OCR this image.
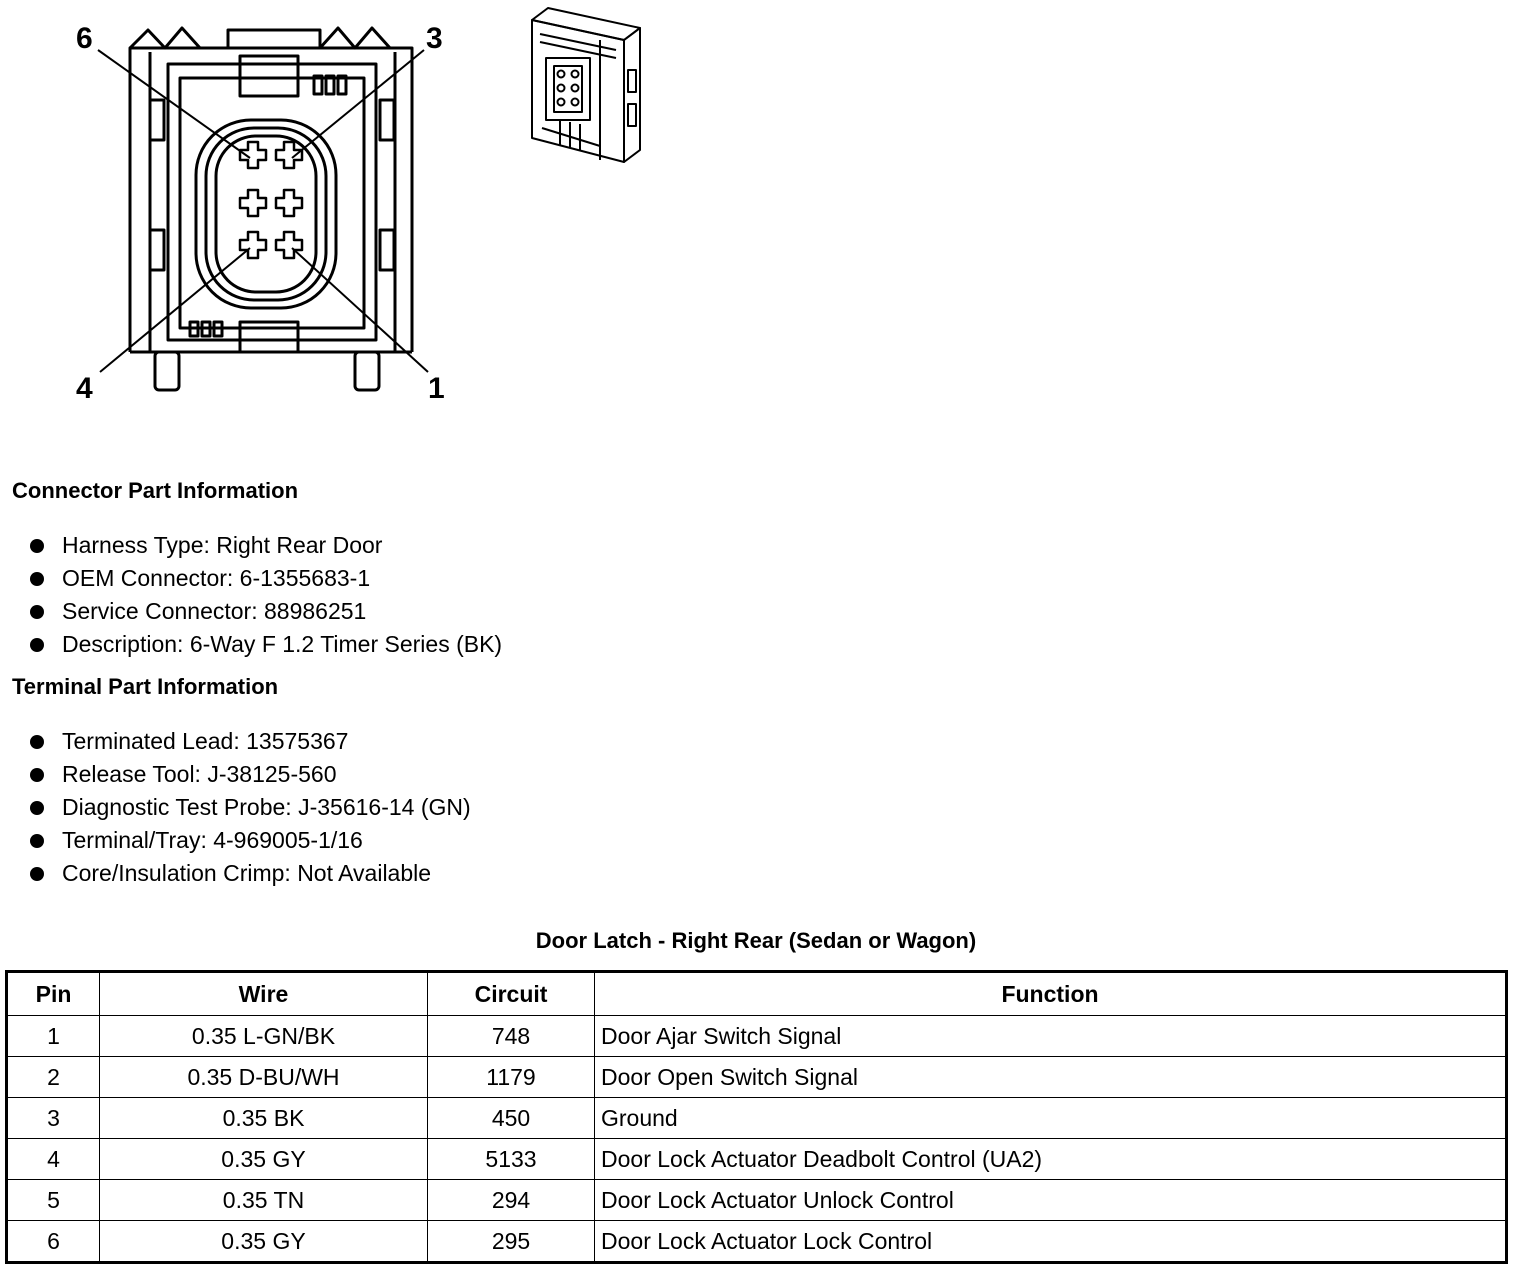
6	3
4	1
Connector Part Information
Harness Type: Right Rear Door
OEM Connector: 6-1355683-1
Service Connector: 88986251
Description: 6-Way F 1.2 Timer Series (BK)
Terminal Part Information
Terminated Lead: 13575367
Release Tool: J-38125-560
Diagnostic Test Probe: J-35616-14 (GN)
Terminal/Tray: 4-969005-1/16
Core/Insulation Crimp: Not Available
Door Latch - Right Rear (Sedan or Wagon)
Pin	Wire	Circuit	Function
1	0.35 L-GN/BK	748	Door Ajar Switch Signal
2	0.35 D-BU/WH	1179	Door Open Switch Signal
3	0.35 BK	450	Ground
4	0.35 GY	5133	Door Lock Actuator Deadbolt Control (UA2)
5	0.35 TN	294	Door Lock Actuator Unlock Control
6	0.35 GY	295	Door Lock Actuator Lock Control
